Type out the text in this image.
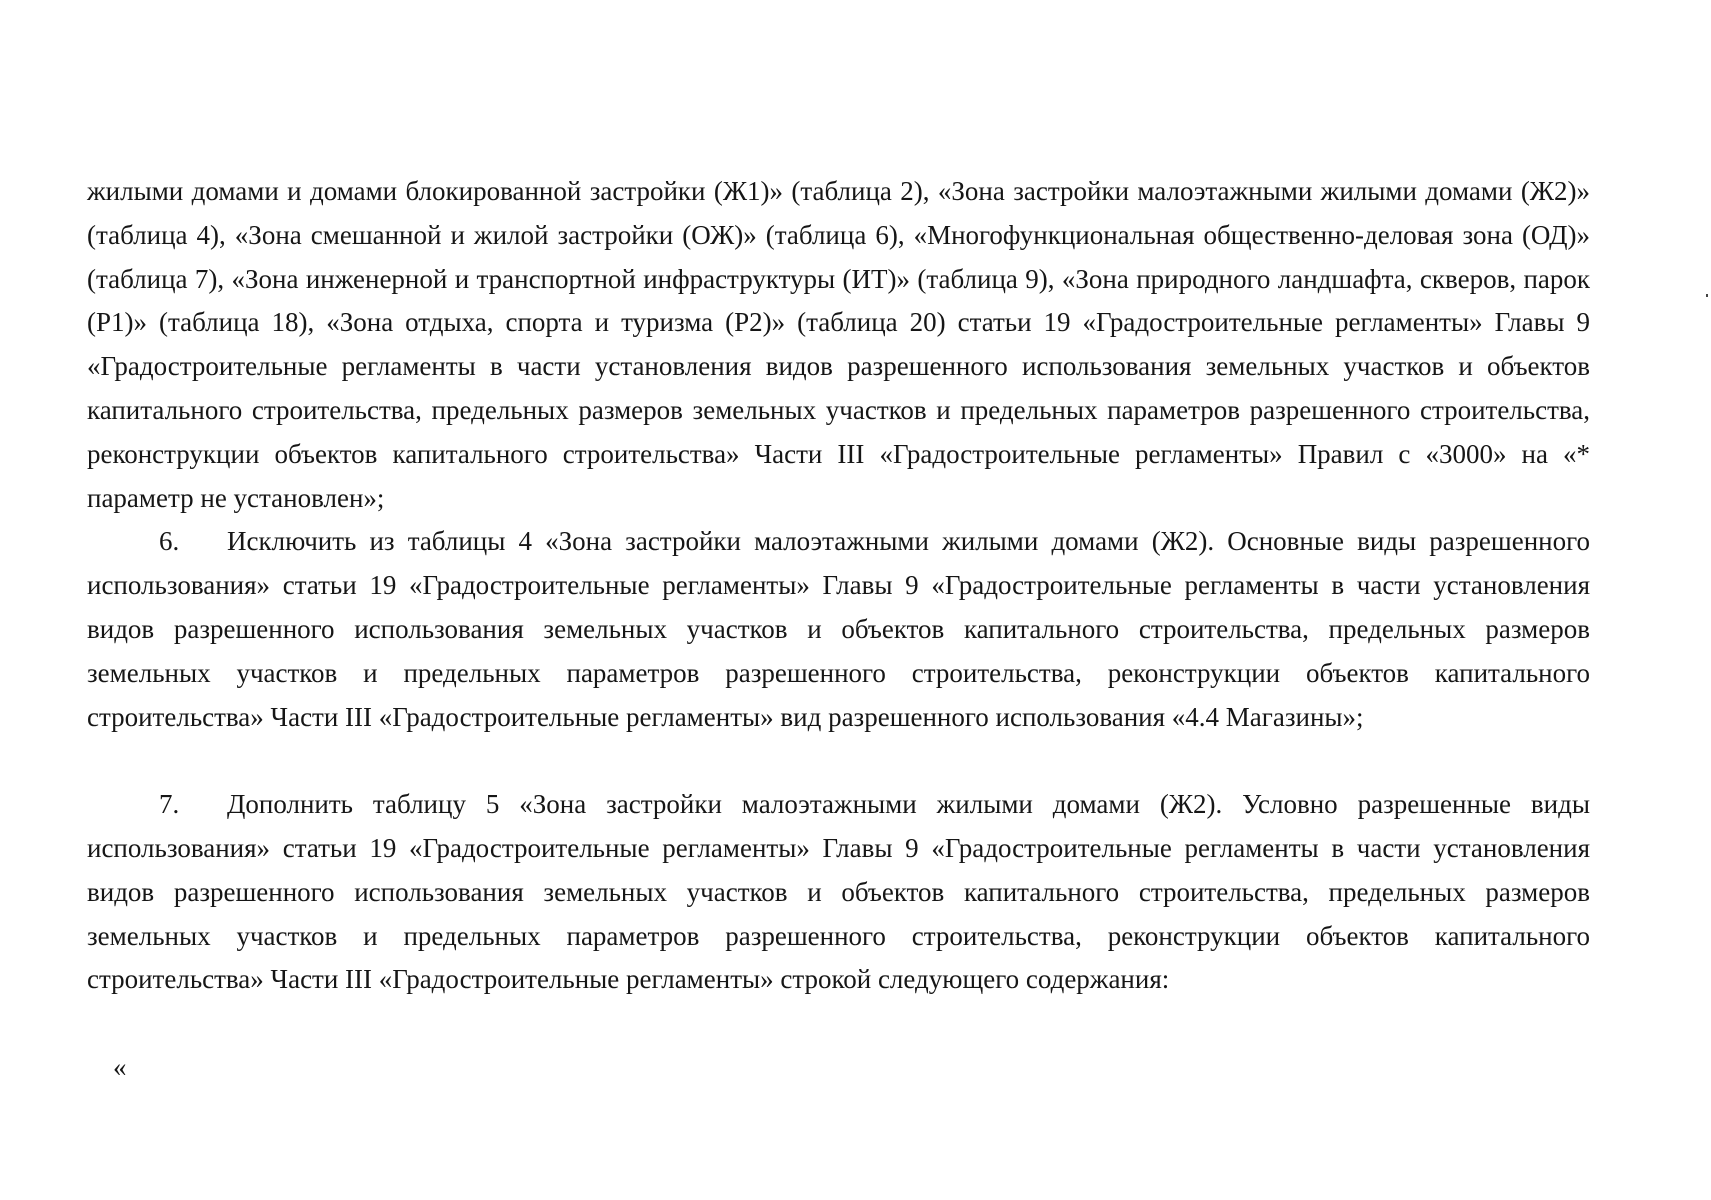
жилыми домами и домами блокированной застройки (Ж1)» (таблица 2), «Зона застройки малоэтажными жилыми домами (Ж2)» (таблица 4), «Зона смешанной и жилой застройки (ОЖ)» (таблица 6), «Многофункциональная общественно-деловая зона (ОД)» (таблица 7), «Зона инженерной и транспортной инфраструктуры (ИТ)» (таблица 9), «Зона природного ландшафта, скверов, парок (Р1)» (таблица 18), «Зона отдыха, спорта и туризма (Р2)» (таблица 20) статьи 19 «Градостроительные регламенты» Главы 9 «Градостроительные регламенты в части установления видов разрешенного использования земельных участков и объектов капитального строительства, предельных размеров земельных участков и предельных параметров разрешенного строительства, реконструкции объектов капитального строительства» Части III «Градостроительные регламенты» Правил с «3000» на «* параметр не установлен»;

6. Исключить из таблицы 4 «Зона застройки малоэтажными жилыми домами (Ж2). Основные виды разрешенного использования» статьи 19 «Градостроительные регламенты» Главы 9 «Градостроительные регламенты в части установления видов разрешенного использования земельных участков и объектов капитального строительства, предельных размеров земельных участков и предельных параметров разрешенного строительства, реконструкции объектов капитального строительства» Части III «Градостроительные регламенты» вид разрешенного использования «4.4 Магазины»;

7. Дополнить таблицу 5 «Зона застройки малоэтажными жилыми домами (Ж2). Условно разрешенные виды использования» статьи 19 «Градостроительные регламенты» Главы 9 «Градостроительные регламенты в части установления видов разрешенного использования земельных участков и объектов капитального строительства, предельных размеров земельных участков и предельных параметров разрешенного строительства, реконструкции объектов капитального строительства» Части III «Градостроительные регламенты» строкой следующего содержания:

«
